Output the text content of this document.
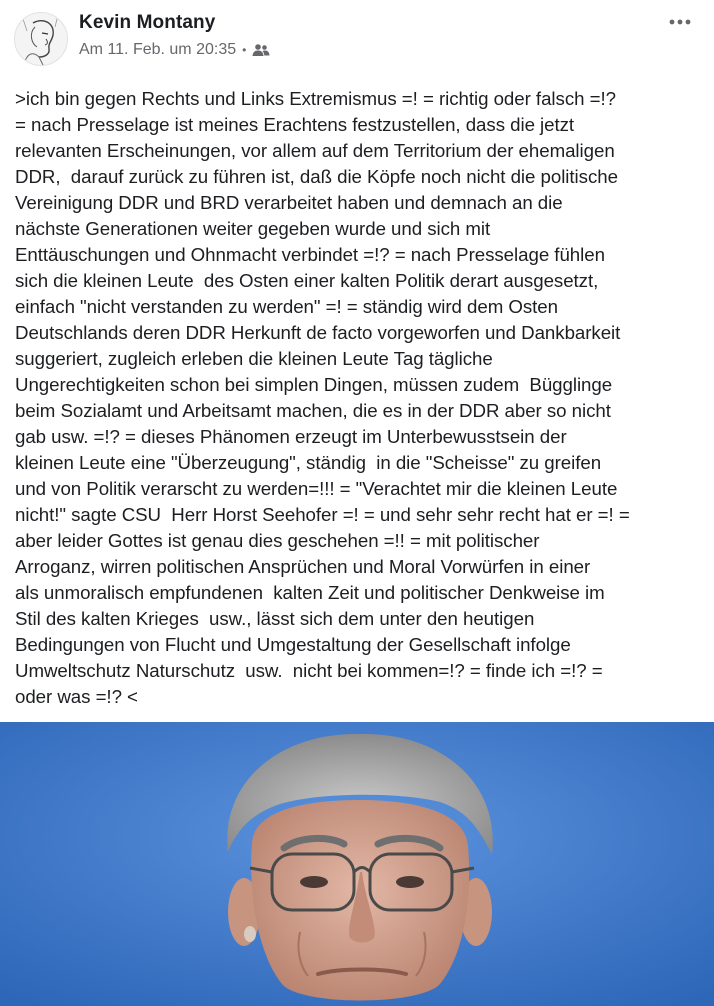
Kevin Montany
Am 11. Feb. um 20:35 •
>ich bin gegen Rechts und Links Extremismus =! = richtig oder falsch =!?
= nach Presselage ist meines Erachtens festzustellen, dass die jetzt
relevanten Erscheinungen, vor allem auf dem Territorium der ehemaligen
DDR,  darauf zurück zu führen ist, daß die Köpfe noch nicht die politische
Vereinigung DDR und BRD verarbeitet haben und demnach an die
nächste Generationen weiter gegeben wurde und sich mit
Enttäuschungen und Ohnmacht verbindet =!? = nach Presselage fühlen
sich die kleinen Leute  des Osten einer kalten Politik derart ausgesetzt,
einfach "nicht verstanden zu werden" =! = ständig wird dem Osten
Deutschlands deren DDR Herkunft de facto vorgeworfen und Dankbarkeit
suggeriert, zugleich erleben die kleinen Leute Tag tägliche
Ungerechtigkeiten schon bei simplen Dingen, müssen zudem  Bügglinge
beim Sozialamt und Arbeitsamt machen, die es in der DDR aber so nicht
gab usw. =!? = dieses Phänomen erzeugt im Unterbewusstsein der
kleinen Leute eine "Überzeugung", ständig  in die "Scheisse" zu greifen
und von Politik verarscht zu werden=!!! = "Verachtet mir die kleinen Leute
nicht!" sagte CSU  Herr Horst Seehofer =! = und sehr sehr recht hat er =! =
aber leider Gottes ist genau dies geschehen =!! = mit politischer
Arroganz, wirren politischen Ansprüchen und Moral Vorwürfen in einer
als unmoralisch empfundenen  kalten Zeit und politischer Denkweise im
Stil des kalten Krieges  usw., lässt sich dem unter den heutigen
Bedingungen von Flucht und Umgestaltung der Gesellschaft infolge
Umweltschutz Naturschutz  usw.  nicht bei kommen=!? = finde ich =!? =
oder was =!? <
